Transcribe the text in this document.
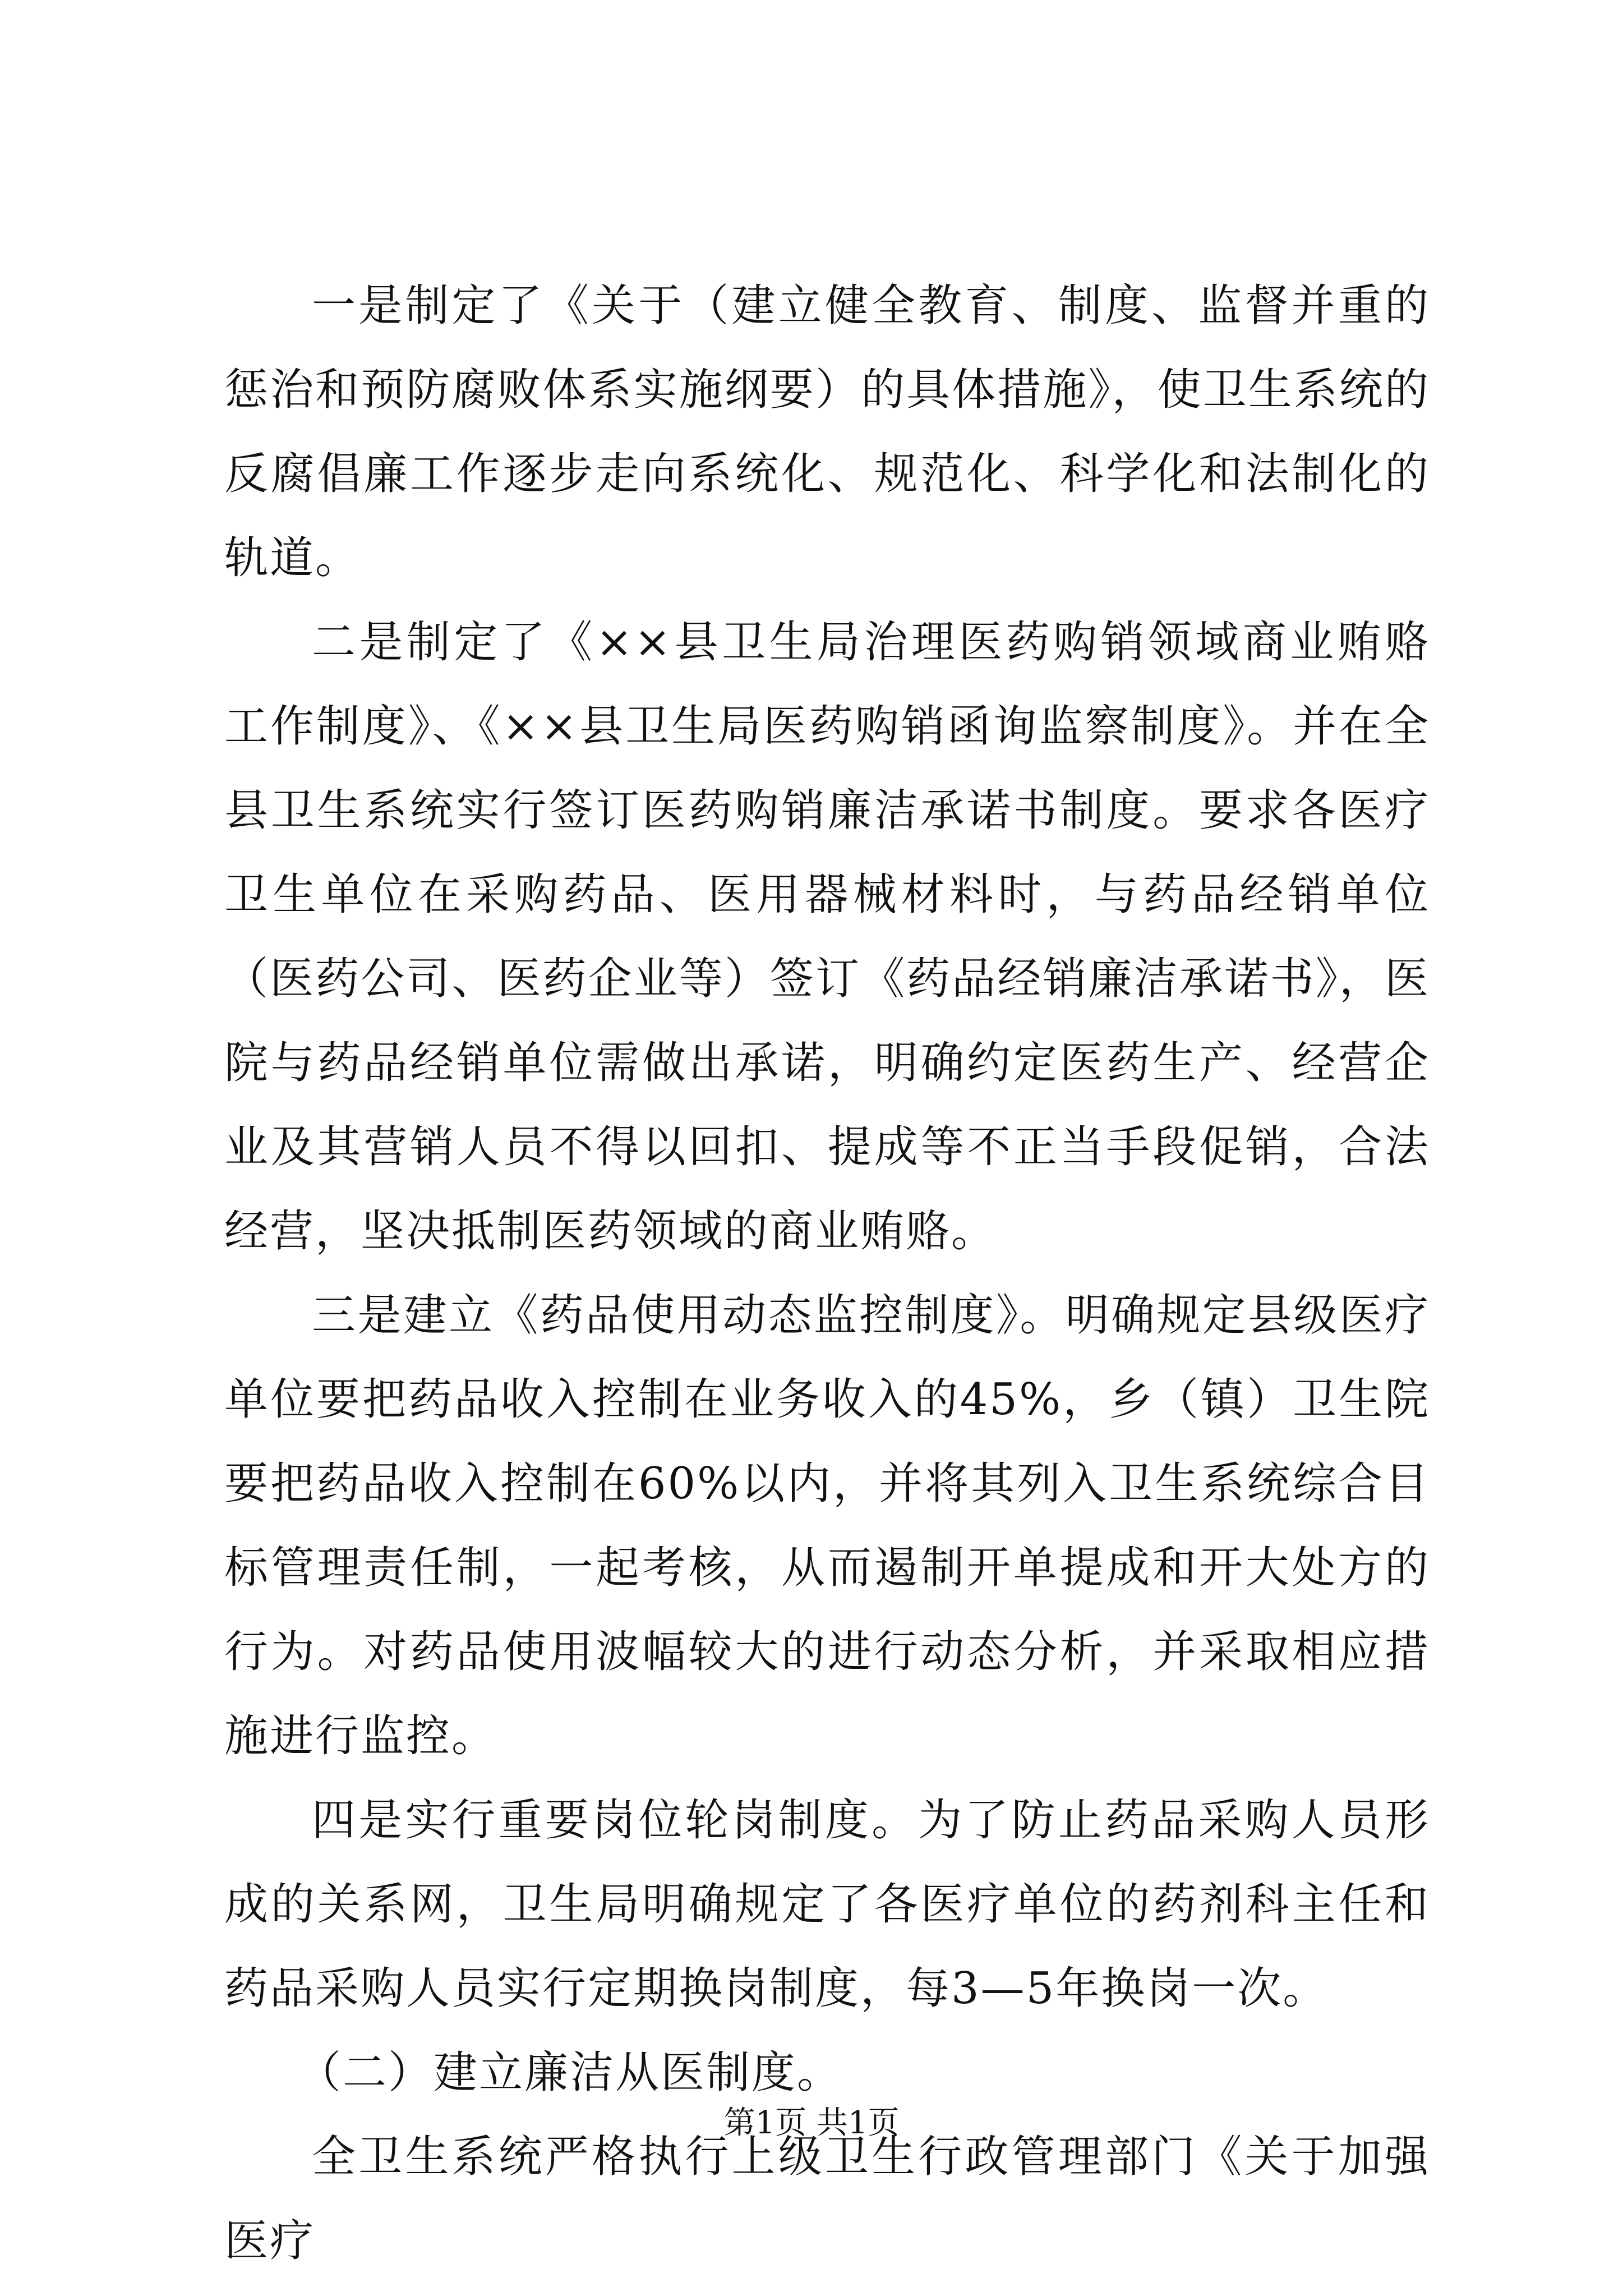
一是制定了《关于（建立健全教育、制度、监督并重的惩治和预防腐败体系实施纲要）的具体措施》，使卫生系统的反腐倡廉工作逐步走向系统化、规范化、科学化和法制化的轨道。

二是制定了《××县卫生局治理医药购销领域商业贿赂工作制度》、《××县卫生局医药购销函询监察制度》。并在全县卫生系统实行签订医药购销廉洁承诺书制度。要求各医疗卫生单位在采购药品、医用器械材料时，与药品经销单位（医药公司、医药企业等）签订《药品经销廉洁承诺书》，医院与药品经销单位需做出承诺，明确约定医药生产、经营企业及其营销人员不得以回扣、提成等不正当手段促销，合法经营，坚决抵制医药领域的商业贿赂。

三是建立《药品使用动态监控制度》。明确规定县级医疗单位要把药品收入控制在业务收入的45%，乡（镇）卫生院要把药品收入控制在60%以内，并将其列入卫生系统综合目标管理责任制，一起考核，从而遏制开单提成和开大处方的行为。对药品使用波幅较大的进行动态分析，并采取相应措施进行监控。

四是实行重要岗位轮岗制度。为了防止药品采购人员形成的关系网，卫生局明确规定了各医疗单位的药剂科主任和药品采购人员实行定期换岗制度，每3—5年换岗一次。

（二）建立廉洁从医制度。

全卫生系统严格执行上级卫生行政管理部门《关于加强医疗

第1页 共1页
